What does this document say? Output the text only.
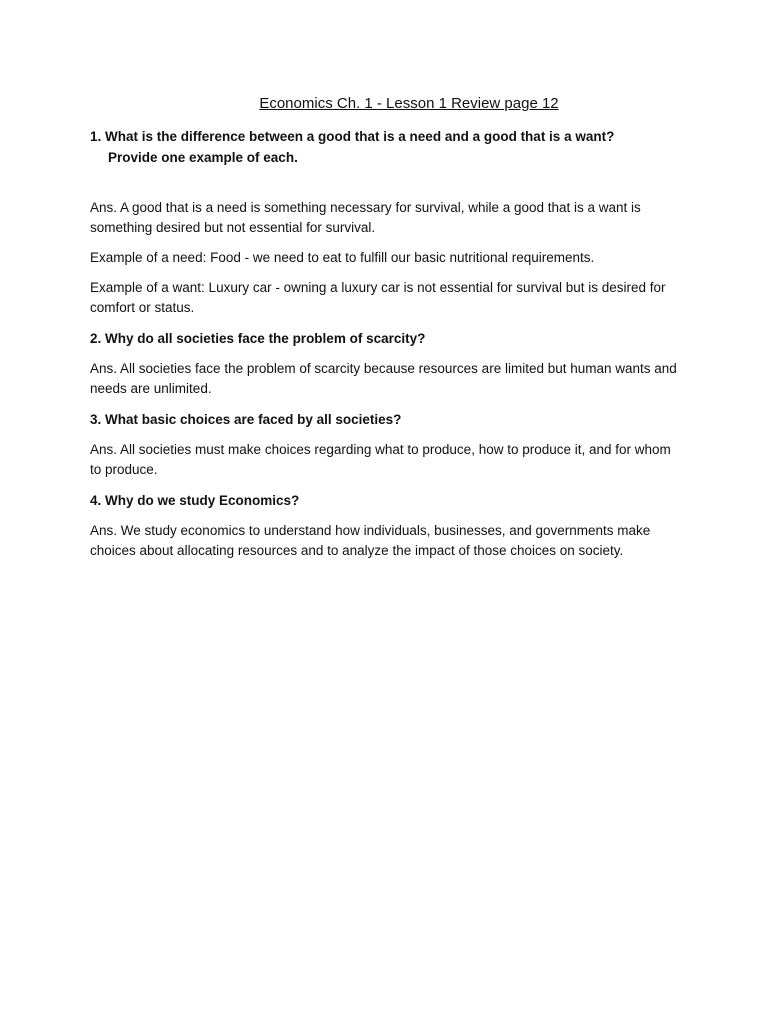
Economics Ch. 1 - Lesson 1 Review page 12

1. What is the difference between a good that is a need and a good that is a want?
Provide one example of each.

Ans. A good that is a need is something necessary for survival, while a good that is a want is something desired but not essential for survival.

Example of a need: Food - we need to eat to fulfill our basic nutritional requirements.

Example of a want: Luxury car - owning a luxury car is not essential for survival but is desired for comfort or status.

2. Why do all societies face the problem of scarcity?

Ans. All societies face the problem of scarcity because resources are limited but human wants and needs are unlimited.

3. What basic choices are faced by all societies?

Ans. All societies must make choices regarding what to produce, how to produce it, and for whom to produce.

4. Why do we study Economics?

Ans. We study economics to understand how individuals, businesses, and governments make choices about allocating resources and to analyze the impact of those choices on society.
